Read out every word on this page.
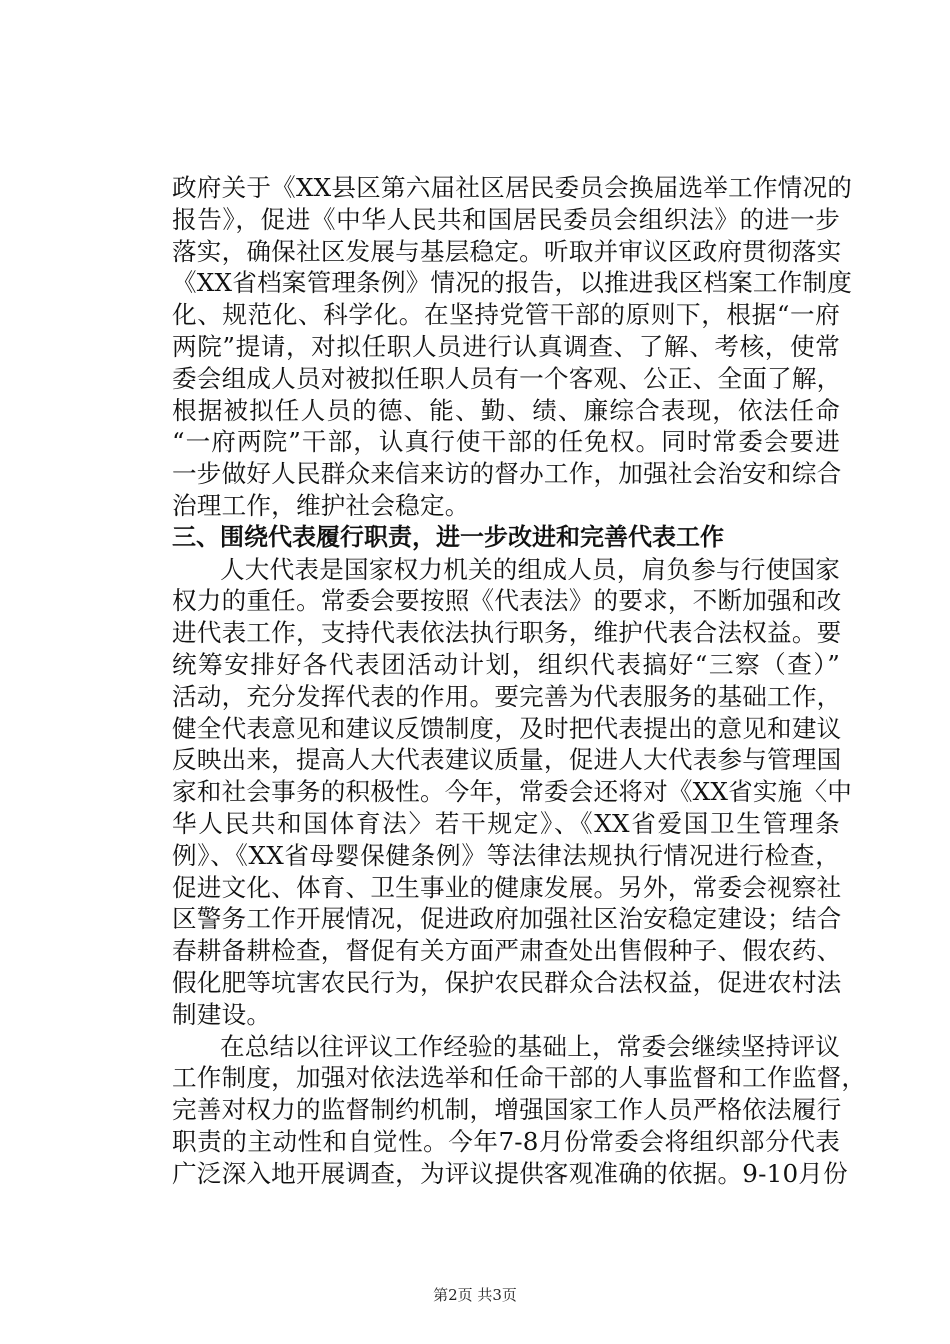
政府关于《XX县区第六届社区居民委员会换届选举工作情况的
报告》，促进《中华人民共和国居民委员会组织法》的进一步
落实，确保社区发展与基层稳定。听取并审议区政府贯彻落实
《XX省档案管理条例》情况的报告，以推进我区档案工作制度
化、规范化、科学化。在坚持党管干部的原则下，根据“一府
两院”提请，对拟任职人员进行认真调查、了解、考核，使常
委会组成人员对被拟任职人员有一个客观、公正、全面了解，
根据被拟任人员的德、能、勤、绩、廉综合表现，依法任命
“一府两院”干部，认真行使干部的任免权。同时常委会要进
一步做好人民群众来信来访的督办工作，加强社会治安和综合
治理工作，维护社会稳定。
三、围绕代表履行职责，进一步改进和完善代表工作
人大代表是国家权力机关的组成人员，肩负参与行使国家
权力的重任。常委会要按照《代表法》的要求，不断加强和改
进代表工作，支持代表依法执行职务，维护代表合法权益。要
统筹安排好各代表团活动计划，组织代表搞好“三察（查）”
活动，充分发挥代表的作用。要完善为代表服务的基础工作，
健全代表意见和建议反馈制度，及时把代表提出的意见和建议
反映出来，提高人大代表建议质量，促进人大代表参与管理国
家和社会事务的积极性。今年，常委会还将对《XX省实施〈中
华人民共和国体育法〉若干规定》、《XX省爱国卫生管理条
例》、《XX省母婴保健条例》等法律法规执行情况进行检查，
促进文化、体育、卫生事业的健康发展。另外，常委会视察社
区警务工作开展情况，促进政府加强社区治安稳定建设；结合
春耕备耕检查，督促有关方面严肃查处出售假种子、假农药、
假化肥等坑害农民行为，保护农民群众合法权益，促进农村法
制建设。
在总结以往评议工作经验的基础上，常委会继续坚持评议
工作制度，加强对依法选举和任命干部的人事监督和工作监督，
完善对权力的监督制约机制，增强国家工作人员严格依法履行
职责的主动性和自觉性。今年7-8月份常委会将组织部分代表
广泛深入地开展调查，为评议提供客观准确的依据。9-10月份
第2页 共3页
